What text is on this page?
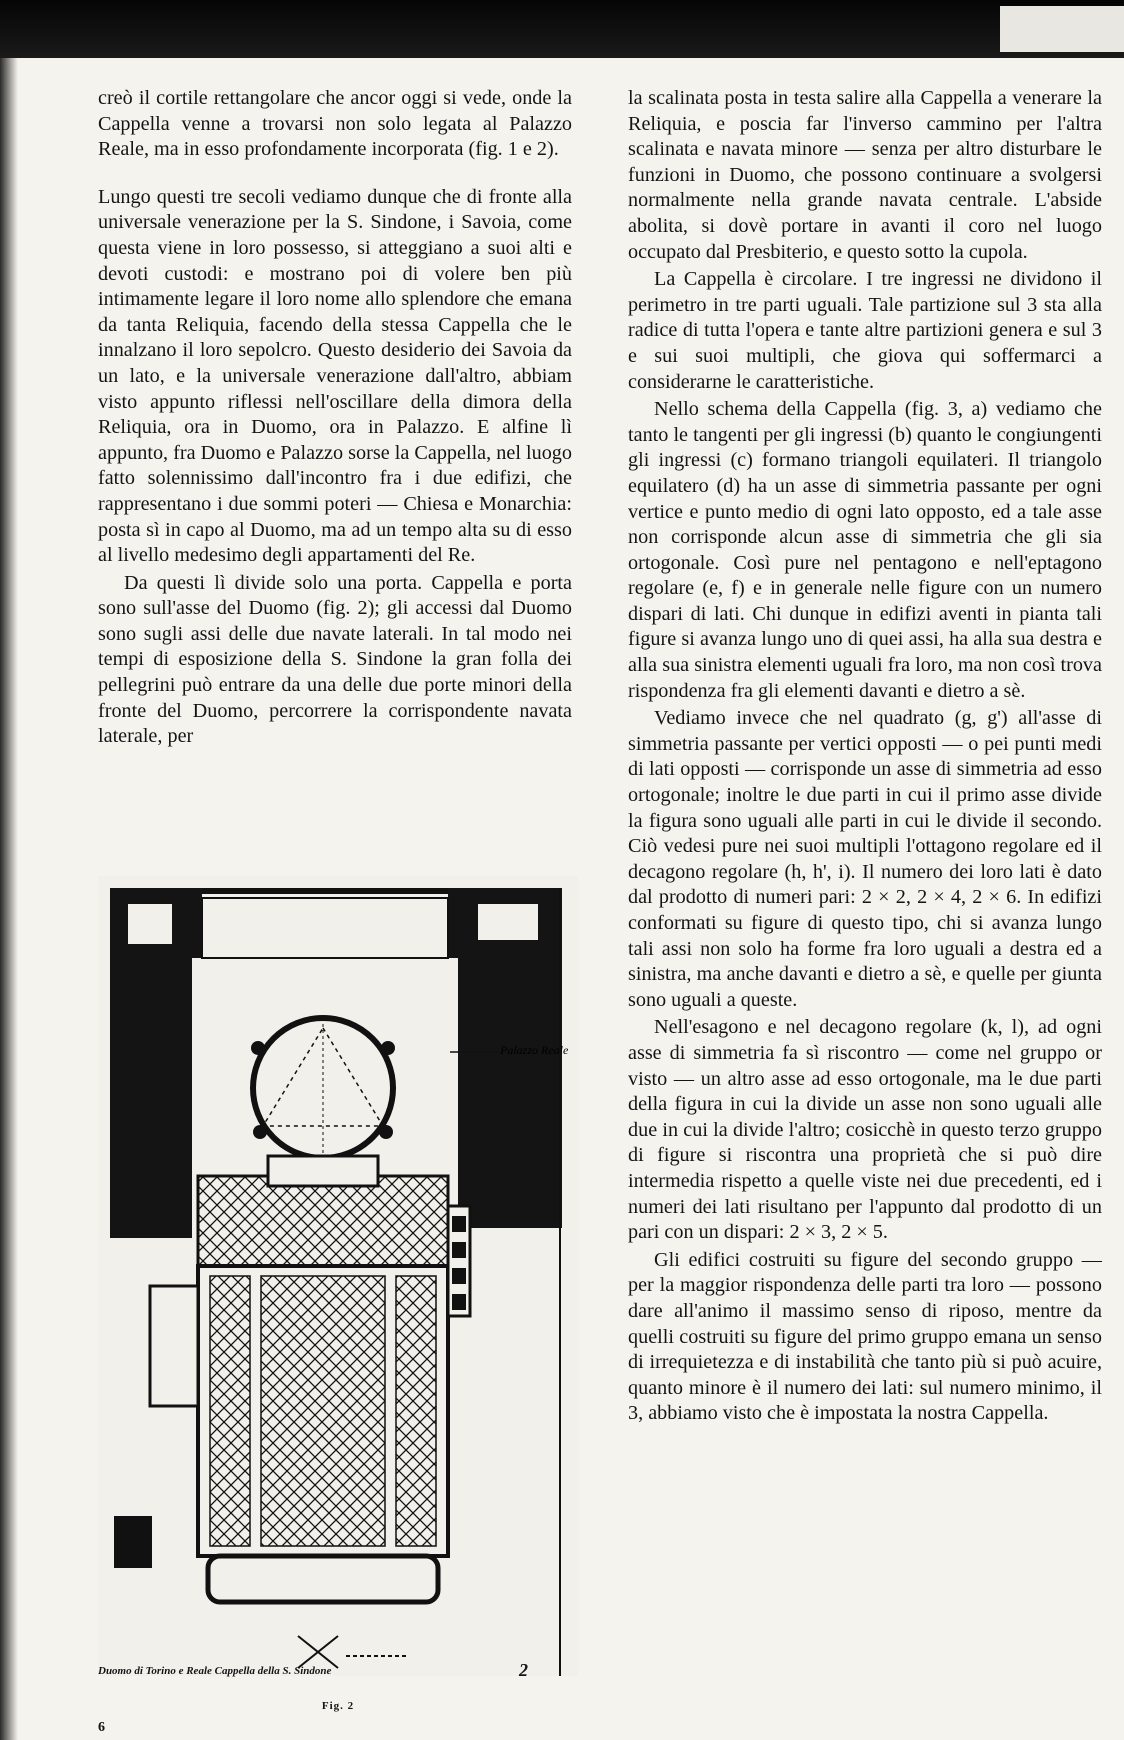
creò il cortile rettangolare che ancor oggi si vede, onde la Cappella venne a trovarsi non solo legata al Palazzo Reale, ma in esso profondamente incorporata (fig. 1 e 2).

Lungo questi tre secoli vediamo dunque che di fronte alla universale venerazione per la S. Sindone, i Savoia, come questa viene in loro possesso, si atteggiano a suoi alti e devoti custodi: e mostrano poi di volere ben più intimamente legare il loro nome allo splendore che emana da tanta Reliquia, facendo della stessa Cappella che le innalzano il loro sepolcro. Questo desiderio dei Savoia da un lato, e la universale venerazione dall'altro, abbiam visto appunto riflessi nell'oscillare della dimora della Reliquia, ora in Duomo, ora in Palazzo. E alfine lì appunto, fra Duomo e Palazzo sorse la Cappella, nel luogo fatto solennissimo dall'incontro fra i due edifizi, che rappresentano i due sommi poteri — Chiesa e Monarchia: posta sì in capo al Duomo, ma ad un tempo alta su di esso al livello medesimo degli appartamenti del Re.

Da questi lì divide solo una porta. Cappella e porta sono sull'asse del Duomo (fig. 2); gli accessi dal Duomo sono sugli assi delle due navate laterali. In tal modo nei tempi di esposizione della S. Sindone la gran folla dei pellegrini può entrare da una delle due porte minori della fronte del Duomo, percorrere la corrispondente navata laterale, per

la scalinata posta in testa salire alla Cappella a venerare la Reliquia, e poscia far l'inverso cammino per l'altra scalinata e navata minore — senza per altro disturbare le funzioni in Duomo, che possono continuare a svolgersi normalmente nella grande navata centrale. L'abside abolita, si dovè portare in avanti il coro nel luogo occupato dal Presbiterio, e questo sotto la cupola.

La Cappella è circolare. I tre ingressi ne dividono il perimetro in tre parti uguali. Tale partizione sul 3 sta alla radice di tutta l'opera e tante altre partizioni genera e sul 3 e sui suoi multipli, che giova qui soffermarci a considerarne le caratteristiche.

Nello schema della Cappella (fig. 3, a) vediamo che tanto le tangenti per gli ingressi (b) quanto le congiungenti gli ingressi (c) formano triangoli equilateri. Il triangolo equilatero (d) ha un asse di simmetria passante per ogni vertice e punto medio di ogni lato opposto, ed a tale asse non corrisponde alcun asse di simmetria che gli sia ortogonale. Così pure nel pentagono e nell'eptagono regolare (e, f) e in generale nelle figure con un numero dispari di lati. Chi dunque in edifizi aventi in pianta tali figure si avanza lungo uno di quei assi, ha alla sua destra e alla sua sinistra elementi uguali fra loro, ma non così trova rispondenza fra gli elementi davanti e dietro a sè.

Vediamo invece che nel quadrato (g, g') all'asse di simmetria passante per vertici opposti — o pei punti medi di lati opposti — corrisponde un asse di simmetria ad esso ortogonale; inoltre le due parti in cui il primo asse divide la figura sono uguali alle parti in cui le divide il secondo. Ciò vedesi pure nei suoi multipli l'ottagono regolare ed il decagono regolare (h, h', i). Il numero dei loro lati è dato dal prodotto di numeri pari: 2 × 2, 2 × 4, 2 × 6. In edifizi conformati su figure di questo tipo, chi si avanza lungo tali assi non solo ha forme fra loro uguali a destra ed a sinistra, ma anche davanti e dietro a sè, e quelle per giunta sono uguali a queste.

Nell'esagono e nel decagono regolare (k, l), ad ogni asse di simmetria fa sì riscontro — come nel gruppo or visto — un altro asse ad esso ortogonale, ma le due parti della figura in cui la divide un asse non sono uguali alle due in cui la divide l'altro; cosicchè in questo terzo gruppo di figure si riscontra una proprietà che si può dire intermedia rispetto a quelle viste nei due precedenti, ed i numeri dei lati risultano per l'appunto dal prodotto di un pari con un dispari: 2 × 3, 2 × 5.

Gli edifici costruiti su figure del secondo gruppo — per la maggior rispondenza delle parti tra loro — possono dare all'animo il massimo senso di riposo, mentre da quelli costruiti su figure del primo gruppo emana un senso di irrequietezza e di instabilità che tanto più si può acuire, quanto minore è il numero dei lati: sul numero minimo, il 3, abbiamo visto che è impostata la nostra Cappella.

Palazzo Reale
Duomo di Torino e Reale Cappella della S. Sindone	2
Fig. 2
6
